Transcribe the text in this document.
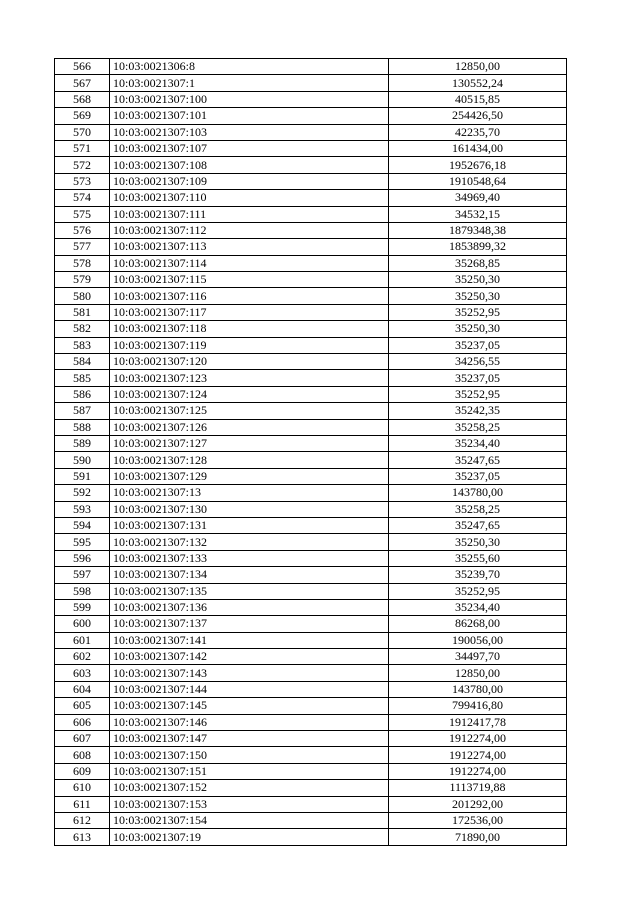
566	10:03:0021306:8	12850,00
567	10:03:0021307:1	130552,24
568	10:03:0021307:100	40515,85
569	10:03:0021307:101	254426,50
570	10:03:0021307:103	42235,70
571	10:03:0021307:107	161434,00
572	10:03:0021307:108	1952676,18
573	10:03:0021307:109	1910548,64
574	10:03:0021307:110	34969,40
575	10:03:0021307:111	34532,15
576	10:03:0021307:112	1879348,38
577	10:03:0021307:113	1853899,32
578	10:03:0021307:114	35268,85
579	10:03:0021307:115	35250,30
580	10:03:0021307:116	35250,30
581	10:03:0021307:117	35252,95
582	10:03:0021307:118	35250,30
583	10:03:0021307:119	35237,05
584	10:03:0021307:120	34256,55
585	10:03:0021307:123	35237,05
586	10:03:0021307:124	35252,95
587	10:03:0021307:125	35242,35
588	10:03:0021307:126	35258,25
589	10:03:0021307:127	35234,40
590	10:03:0021307:128	35247,65
591	10:03:0021307:129	35237,05
592	10:03:0021307:13	143780,00
593	10:03:0021307:130	35258,25
594	10:03:0021307:131	35247,65
595	10:03:0021307:132	35250,30
596	10:03:0021307:133	35255,60
597	10:03:0021307:134	35239,70
598	10:03:0021307:135	35252,95
599	10:03:0021307:136	35234,40
600	10:03:0021307:137	86268,00
601	10:03:0021307:141	190056,00
602	10:03:0021307:142	34497,70
603	10:03:0021307:143	12850,00
604	10:03:0021307:144	143780,00
605	10:03:0021307:145	799416,80
606	10:03:0021307:146	1912417,78
607	10:03:0021307:147	1912274,00
608	10:03:0021307:150	1912274,00
609	10:03:0021307:151	1912274,00
610	10:03:0021307:152	1113719,88
611	10:03:0021307:153	201292,00
612	10:03:0021307:154	172536,00
613	10:03:0021307:19	71890,00
